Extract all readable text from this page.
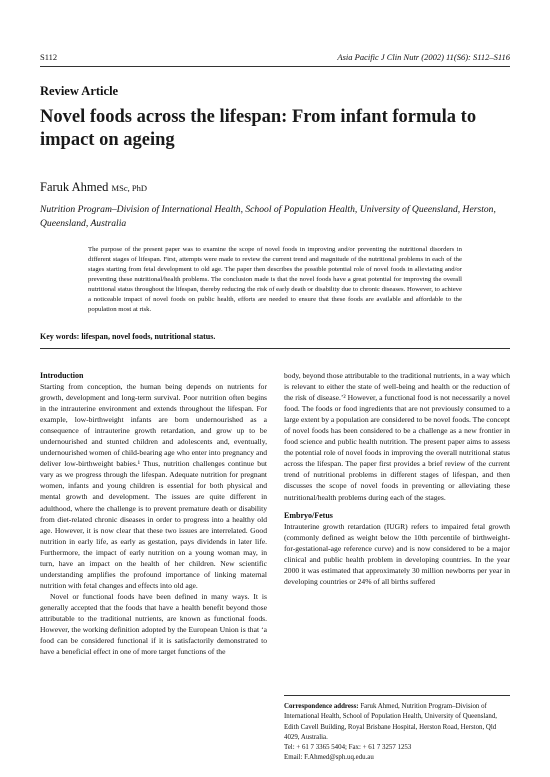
S112	Asia Pacific J Clin Nutr (2002) 11(S6): S112–S116
Review Article
Novel foods across the lifespan: From infant formula to impact on ageing
Faruk Ahmed MSc, PhD
Nutrition Program–Division of International Health, School of Population Health, University of Queensland, Herston, Queensland, Australia
The purpose of the present paper was to examine the scope of novel foods in improving and/or preventing the nutritional disorders in different stages of lifespan. First, attempts were made to review the current trend and magnitude of the nutritional problems in each of the stages starting from fetal development to old age. The paper then describes the possible potential role of novel foods in alleviating and/or preventing these nutritional/health problems. The conclusion made is that the novel foods have a great potential for improving the overall nutritional status throughout the lifespan, thereby reducing the risk of early death or disability due to chronic diseases. However, to achieve a noticeable impact of novel foods on public health, efforts are needed to ensure that these foods are available and affordable to the population most at risk.
Key words: lifespan, novel foods, nutritional status.
Introduction

Starting from conception, the human being depends on nutrients for growth, development and long-term survival. Poor nutrition often begins in the intrauterine environment and extends throughout the lifespan. For example, low-birthweight infants are born undernourished as a consequence of intrauterine growth retardation, and grow up to be undernourished and stunted children and adolescents and, eventually, undernourished women of child-bearing age who enter into pregnancy and deliver low-birthweight babies.¹ Thus, nutrition challenges continue but vary as we progress through the lifespan. Adequate nutrition for pregnant women, infants and young children is essential for both physical and mental growth and development. The issues are quite different in adulthood, where the challenge is to prevent premature death or disability from diet-related chronic diseases in order to progress into a healthy old age. However, it is now clear that these two issues are interrelated. Good nutrition in early life, as early as gestation, pays dividends in later life. Furthermore, the impact of early nutrition on a young woman may, in turn, have an impact on the health of her children. New scientific understanding amplifies the profound importance of linking maternal nutrition with fetal changes and effects into old age.

Novel or functional foods have been defined in many ways. It is generally accepted that the foods that have a health benefit beyond those attributable to the traditional nutrients, are known as functional foods. However, the working definition adopted by the European Union is that ‘a food can be considered functional if it is satisfactorily demonstrated to have a beneficial effect in one of more target functions of the

body, beyond those attributable to the traditional nutrients, in a way which is relevant to either the state of well-being and health or the reduction of the risk of disease.’² However, a functional food is not necessarily a novel food. The foods or food ingredients that are not previously consumed to a large extent by a population are considered to be novel foods. The concept of novel foods has been considered to be a challenge as a new frontier in food science and public health nutrition. The present paper aims to assess the potential role of novel foods in improving the overall nutritional status across the lifespan. The paper first provides a brief review of the current trend of nutritional problems in different stages of lifespan, and then discusses the scope of novel foods in preventing or alleviating these nutritional/health problems during each of the stages.

Embryo/Fetus

Intrauterine growth retardation (IUGR) refers to impaired fetal growth (commonly defined as weight below the 10th percentile of birthweight-for-gestational-age reference curve) and is now considered to be a major clinical and public health problem in developing countries. In the year 2000 it was estimated that approximately 30 million newborns per year in developing countries or 24% of all births suffered

Correspondence address: Faruk Ahmed, Nutrition Program–Division of International Health, School of Population Health, University of Queensland, Edith Cavell Building, Royal Brisbane Hospital, Herston Road, Herston, Qld 4029, Australia.
Tel: + 61 7 3365 5404; Fax: + 61 7 3257 1253
Email: F.Ahmed@sph.uq.edu.au
